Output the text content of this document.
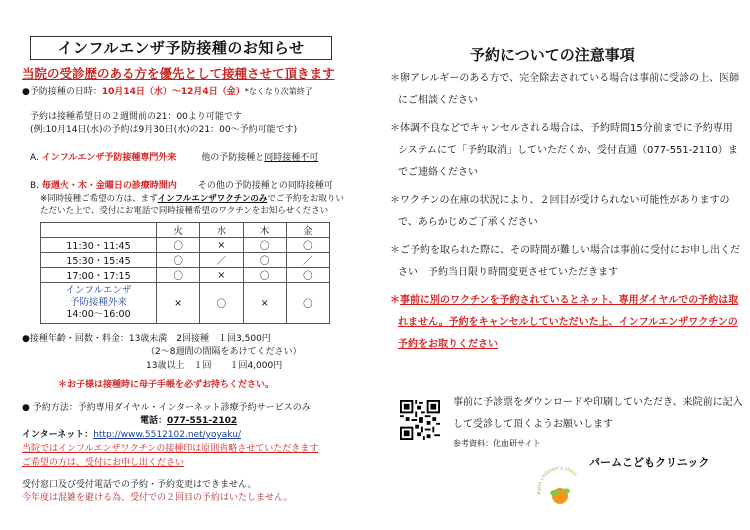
インフルエンザ予防接種のお知らせ
当院の受診歴のある方を優先として接種させて頂きます
●予防接種の日時：10月14日（水）～12月4日（金）*なくなり次第終了
予約は接種希望日の２週間前の21：00より可能です
(例:10月14日(水)の予約は9月30日(水)の21：00～予約可能です)
A. インフルエンザ予防接種専門外来	他の予防接種と同時接種不可
B. 毎週火・木・金曜日の診療時間内 その他の予防接種との同時接種可
※同時接種ご希望の方は、まずインフルエンザワクチンのみでご予約をお取りい
ただいた上で、受付にお電話で同時接種希望のワクチンをお知らせください
	火	水	木	金
11:30・11:45	〇	×	〇	〇
15:30・15:45	〇	／	〇	／
17:00・17:15	〇	×	〇	〇

インフルエンザ
予防接種外来
14:00～16:00	×	〇	×	〇
●接種年齢・回数・料金：13歳未満　2回接種　１回3,500円
（2～8週間の間隔をあけてください）
13歳以上　１回　　１回4,000円
＊お子様は接種時に母子手帳を必ずお持ちください。
● 予約方法：予約専用ダイヤル・インターネット診療予約サービスのみ
電話：077-551-2102
インターネット：http://www.5512102.net/yoyaku/
当院ではインフルエンザワクチンの接種印は原則省略させていただきます
ご希望の方は、受付にお申し出ください
受付窓口及び受付電話での予約・予約変更はできません。
今年度は混雑を避ける為、受付での２回目の予約はいたしません。
予約についての注意事項
＊卵アレルギーのある方で、完全除去されている場合は事前に受診の上、医師にご相談ください
＊体調不良などでキャンセルされる場合は、予約時間15分前までに予約専用システムにて「予約取消」していただくか、受付直通（077-551-2110）までご連絡ください
＊ワクチンの在庫の状況により、２回目が受けられない可能性がありますので、あらかじめご了承ください
＊ご予約を取られた際に、その時間が難しい場合は事前に受付にお申し出ください　予約当日限り時間変更させていただきます
＊事前に別のワクチンを予約されているとネット、専用ダイヤルでの予約は取れません。予約をキャンセルしていただいた上、インフルエンザワクチンの予約をお取りください
事前に予診票をダウンロードや印刷していただき、来院前に記入して受診して頂くようお願いします
参考資料：化血研サイト
Palm children's clinic
パームこどもクリニック
